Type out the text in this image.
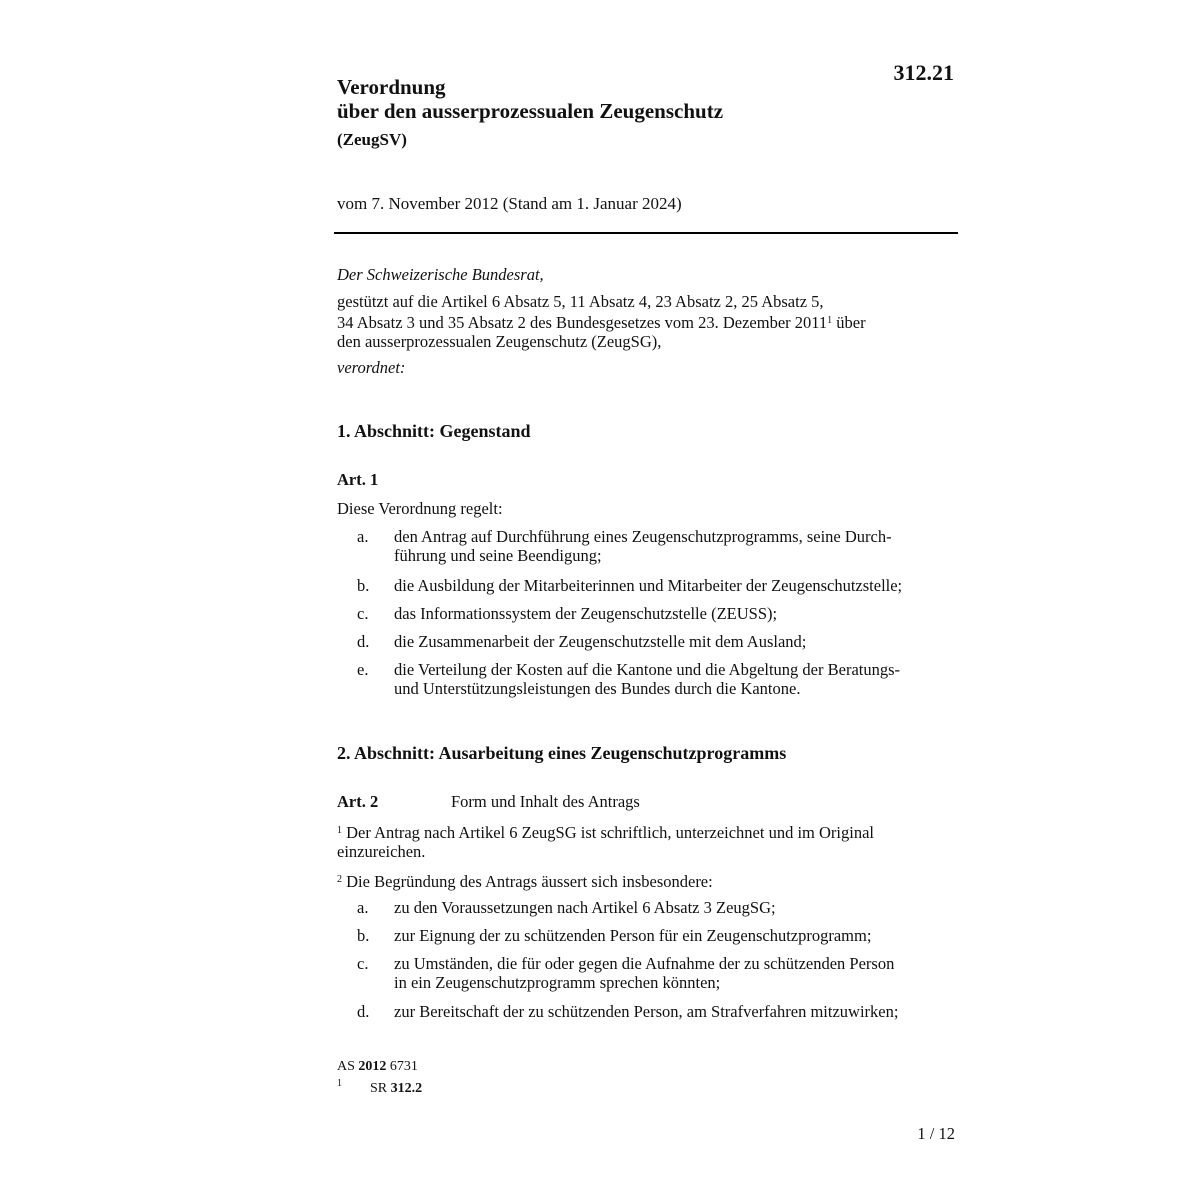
312.21
Verordnung
über den ausserprozessualen Zeugenschutz
(ZeugSV)
vom 7. November 2012 (Stand am 1. Januar 2024)
Der Schweizerische Bundesrat,
gestützt auf die Artikel 6 Absatz 5, 11 Absatz 4, 23 Absatz 2, 25 Absatz 5,
34 Absatz 3 und 35 Absatz 2 des Bundesgesetzes vom 23. Dezember 2011$^1$ über
den ausserprozessualen Zeugenschutz (ZeugSG),
verordnet:
1. Abschnitt: Gegenstand
Art. 1
Diese Verordnung regelt:
a.	den Antrag auf Durchführung eines Zeugenschutzprogramms, seine Durch-
führung und seine Beendigung;
b.	die Ausbildung der Mitarbeiterinnen und Mitarbeiter der Zeugenschutzstelle;
c.	das Informationssystem der Zeugenschutzstelle (ZEUSS);
d.	die Zusammenarbeit der Zeugenschutzstelle mit dem Ausland;
e.	die Verteilung der Kosten auf die Kantone und die Abgeltung der Beratungs-
und Unterstützungsleistungen des Bundes durch die Kantone.
2. Abschnitt: Ausarbeitung eines Zeugenschutzprogramms
Art. 2	Form und Inhalt des Antrags
$^1$ Der Antrag nach Artikel 6 ZeugSG ist schriftlich, unterzeichnet und im Original
einzureichen.
$^2$ Die Begründung des Antrags äussert sich insbesondere:
a.	zu den Voraussetzungen nach Artikel 6 Absatz 3 ZeugSG;
b.	zur Eignung der zu schützenden Person für ein Zeugenschutzprogramm;
c.	zu Umständen, die für oder gegen die Aufnahme der zu schützenden Person
in ein Zeugenschutzprogramm sprechen könnten;
d.	zur Bereitschaft der zu schützenden Person, am Strafverfahren mitzuwirken;
AS 2012 6731
$^1$ SR 312.2
1 / 12
